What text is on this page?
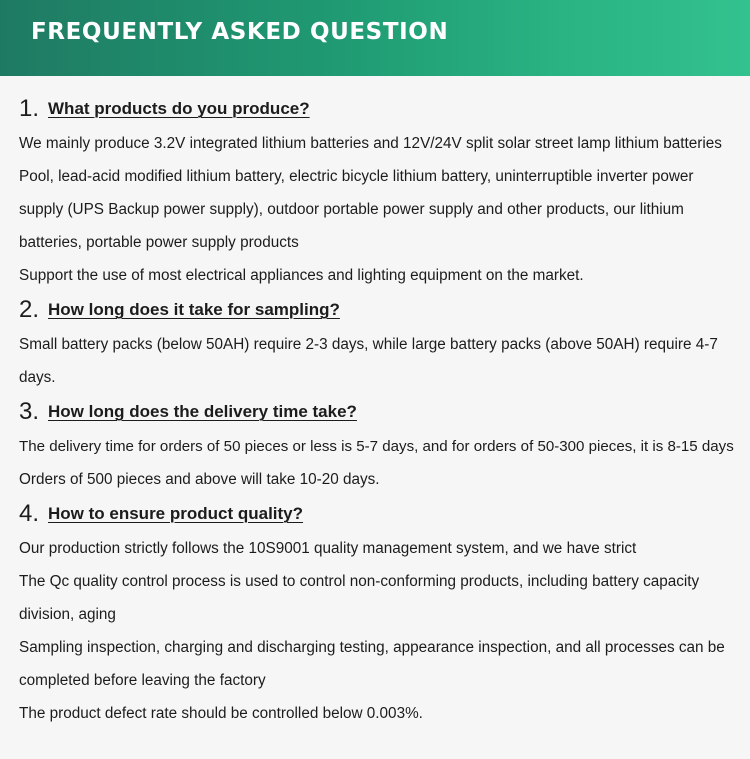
FREQUENTLY ASKED QUESTION
1. What products do you produce?
We mainly produce 3.2V integrated lithium batteries and 12V/24V split solar street lamp lithium batteries
Pool, lead-acid modified lithium battery, electric bicycle lithium battery, uninterruptible inverter power
supply (UPS Backup power supply), outdoor portable power supply and other products, our lithium
batteries, portable power supply products
Support the use of most electrical appliances and lighting equipment on the market.
2. How long does it take for sampling?
Small battery packs (below 50AH) require 2-3 days, while large battery packs (above 50AH) require 4-7
days.
3. How long does the delivery time take?
The delivery time for orders of 50 pieces or less is 5-7 days, and for orders of 50-300 pieces, it is 8-15 days
Orders of 500 pieces and above will take 10-20 days.
4. How to ensure product quality?
Our production strictly follows the 10S9001 quality management system, and we have strict
The Qc quality control process is used to control non-conforming products, including battery capacity
division, aging
Sampling inspection, charging and discharging testing, appearance inspection, and all processes can be
completed before leaving the factory
The product defect rate should be controlled below 0.003%.
